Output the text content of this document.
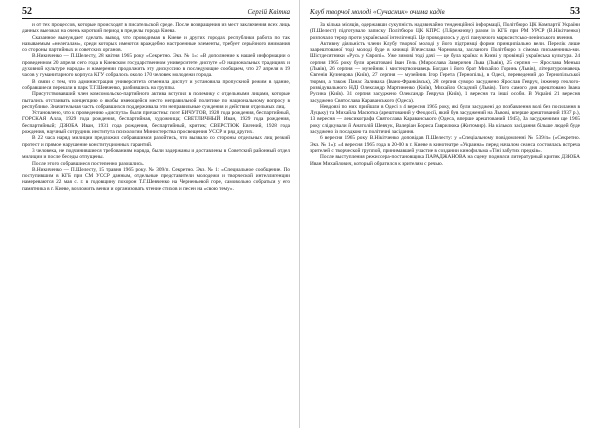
52	Сергій Квітка

и от тех процессов, которые происходят в писательской среде. После возвращения из мест заключения всех лиць данных выезжал на очень короткий период в пределы города Киева.

Сказанное вынуждает сделать вывод, что проводимая в Киеве и других городах республики работа по так называемым «нелегалам», среди которых имеются враждебно настроенные элементы, требует серьёзного внимания со стороны партийных и советских органов.

В.Никиченко — П.Шелесту, 28 квітня 1965 року «Секретно. Экз. № 1»: «В дополнение к нашей информации о проведенном 20 апреля сего года в Киевском государственном университете диспуте «О национальных традициях и духовной культуре народа» и намерении продолжить эту дискуссию в последующие сообщаем, что 27 апреля в 19 часов у гуманитарного корпуса КГУ собралось около 170 человек молодежи города.

В связи с тем, что администрация университета отменила диспут и установила пропускной режим в здание, собравшиеся перешли в парк Т.Г.Шевченко, разбившись на группы.

Присутствовавший член комсомольско-партийного актива вступил в полемику с отдельными лицами, которые пытались отстаивать концепцию о якобы имеющейся место неправильной политике по национальному вопросу в республике. Значительная часть собравшихся поддерживала эти неправильные суждения и действия отдельных лиц.

Установлено, что к проведению «диспута» были причастны: поэт БИЧУТОВ, 1928 года рождения, беспартийный, ГОРСКАЯ Алла, 1929 года рождения, беспартийная, художница; СВЕТЛИЧНЫЙ Иван, 1929 года рождения, беспартийный; ДЗЮБА Иван, 1931 года рождения, беспартийный, критик; СВЕРСТЮК Евгений, 1928 года рождения, научный сотрудник института психологии Министерства просвещения УССР и ряд других.

В 22 часа наряд милиции предложил собравшимся разойтись, что вызвало со стороны отдельных лиц резкий протест и прямое нарушение конституционных гарантий.

3 человека, не подчинившиеся требованиям наряда, были задержаны и доставлены в Советский районный отдел милиции и после беседы отпущены.

После этого собравшиеся постепенно разошлись.

В.Никиченко — П.Шелесту, 15 травня 1965 року. № 309/п. Секретно. Экз. № 1: «Специальное сообщение. По поступившим в КГБ при СМ УССР данным, отдельные представители молодежи и творческой интеллигенции намереваются 22 мая с. г. в годовщину похорон Т.Г.Шевченко на Черненьевой горе, самовольно собраться у его памятника в г. Киеве, возложить венки и организовать чтение стихов и песен на «свою тему».

Клуб творчої молоді «Сучасник» очима кадів	53

Зa кілька місяців, одержавши сукупність надзвичайно тенденційної інформації, Політбюро ЦК Компартії України (П.Шелест) підготувало записку Політбюро ЦК КПРС (Л.Брежнєву) разом із КГБ при РМ УРСР (В.Нікітченко) розпочало терор проти української інтелігенції. Це проводилось у дусі пануючого марксистсько-ленінського вчення.

Активну діяльність члени Клубу творчої молоді у його підтримці форми принципіально вели. Перелік лише заарештованої тоді молоді буде в книжці В'ячеслава Чорновола, засланого Політбюро з сімома письменника-ми. Шістдесятники «Русь у Європі». Уже зимові тоді дачі — це була країна: в Києві у провінції українська культура. 24 серпня 1965 року були арештовані Іван Гель (Мирослава Заверичев Льва (Львів), 25 серпня — Ярослава Меньш (Львів), 26 серпня — музейник і мистецтвознавець Богдан і його брат Михайло Горинь (Львів), літературознавець Євгенія Кузнецова (Київ), 27 серпня — музейник Ігор Герета (Тернопіль), в Одесі, переведений до Тернопільської тюрми, а також Панас Заливаха (Івано-Франківськ), 28 серпня суворо засуджено Ярослав Гевруч, інженер геолого-розвідувального НДІ Олександр Мартиненко (Київ), Михайло Осадчий (Львів). Того самого дня арештовано Івана Русина (Київ). 31 серпня засуджено Олександр Ґевруча (Київ), 1 вересня та інші особи. В Україні 21 вересня засуджено Святослава Караванського (Одеса).

Невдовзі по них прийшли в Одесі з 4 вересня 1965 року, які були засуджені до позбавлення волі без посилання в Луцьку) та Михайла Масютка (арештований у Феодосії, який був засуджений на Львові, вперше арештований 1937 р.), 13 вересня — лексикографа Святослава Караванського (Одеса, вперше арештований 1945), За засудженими ще 1965 року слідкували й Анатолій Шевчук, Валеріан Бориса Ґаврилюка (Житомир). На кількох засідання більше людей буде засуджено із посадкою та політичні засідання.

6 вересня 1965 року В.Нікітченко доповідав П.Шелесту: у «Спеціальному повідомленні № 539/п» («Секретно. Экз. № 1»): «4 вересня 1965 года в 20-00 в г. Киеве в кинотеатре «Украина» перед началом сеанса состоялась встреча зрителей с творческой группой, принимавшей участие в создании кинофильма «Тіні забутих предків».

После выступления режиссера-постановщика ПАРАДЖАНОВА на сцену поднялся литературный критик ДЗЮБА Иван Михайлович, который обратился к зрителям с речью.
